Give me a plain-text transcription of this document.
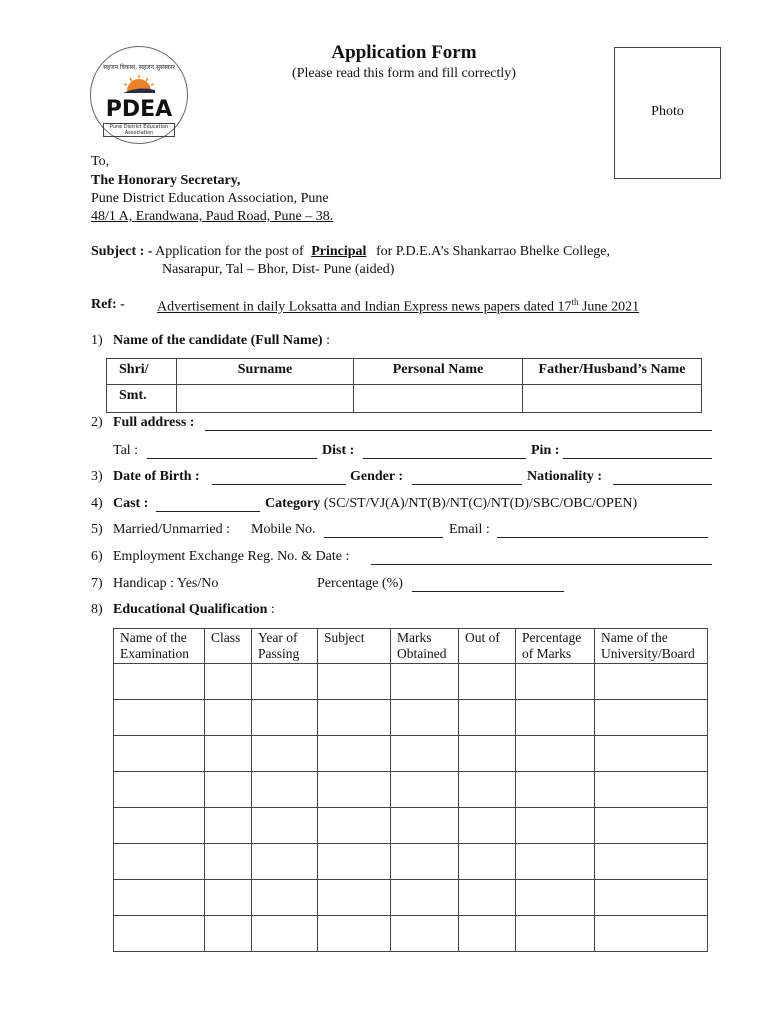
सहजन विकास, सहजन सुसंस्कार
PDEA
Pune District Education Association
Application Form
(Please read this form and fill correctly)
Photo
To,
The Honorary Secretary,
Pune District Education Association, Pune
48/1 A, Erandwana, Paud Road, Pune – 38.
Subject : - Application for the post of Principal for P.D.E.A’s Shankarrao Bhelke College,
Nasarapur, Tal – Bhor, Dist- Pune (aided)
Ref: - Advertisement in daily Loksatta and Indian Express news papers dated 17th June 2021
1) Name of the candidate (Full Name) :
Shri/	Surname	Personal Name	Father/Husband’s Name
Smt.			
2) Full address :
Tal :	Dist :	Pin :
3) Date of Birth :	Gender :	Nationality :
4) Cast :	Category (SC/ST/VJ(A)/NT(B)/NT(C)/NT(D)/SBC/OBC/OPEN)
5) Married/Unmarried : Mobile No.	Email :
6) Employment Exchange Reg. No. & Date :
7) Handicap : Yes/No	Percentage (%)
8) Educational Qualification :
Name of the Examination	Class	Year of Passing	Subject	Marks Obtained	Out of	Percentage of Marks	Name of the University/Board
